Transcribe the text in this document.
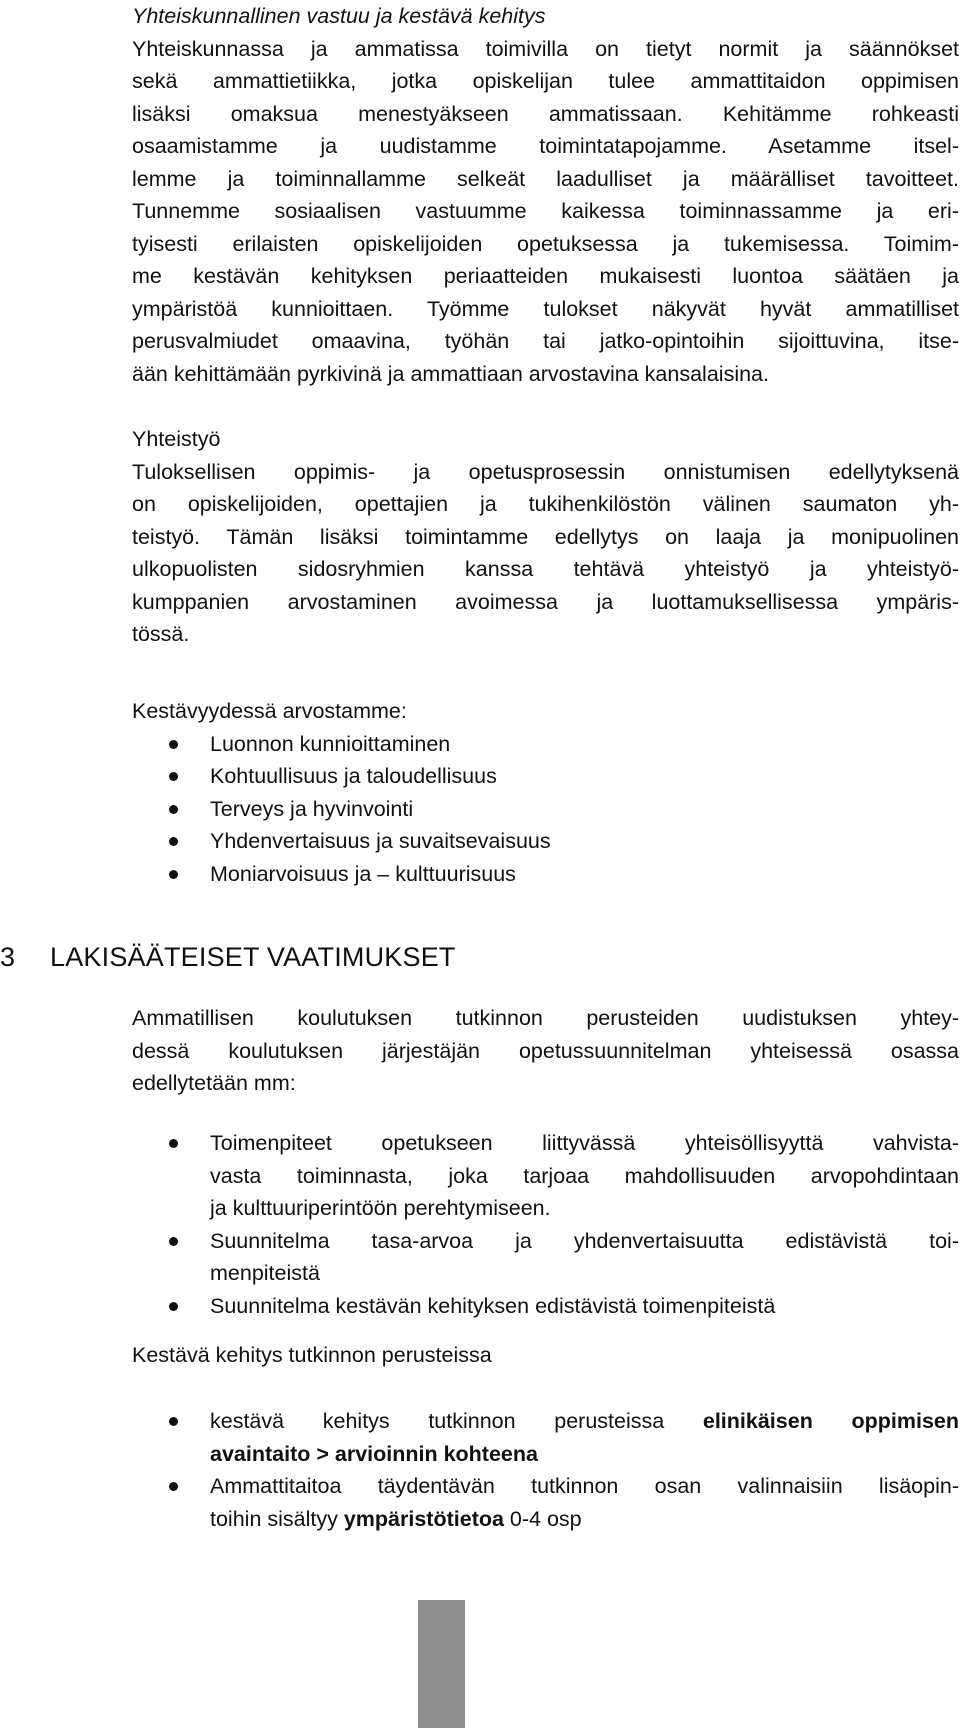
Yhteiskunnallinen vastuu ja kestävä kehitys

Yhteiskunnassa ja ammatissa toimivilla on tietyt normit ja säännökset
sekä ammattietiikka, jotka opiskelijan tulee ammattitaidon oppimisen
lisäksi omaksua menestyäkseen ammatissaan. Kehitämme rohkeasti
osaamistamme ja uudistamme toimintatapojamme. Asetamme itsel-
lemme ja toiminnallamme selkeät laadulliset ja määrälliset tavoitteet.
Tunnemme sosiaalisen vastuumme kaikessa toiminnassamme ja eri-
tyisesti erilaisten opiskelijoiden opetuksessa ja tukemisessa. Toimim-
me kestävän kehityksen periaatteiden mukaisesti luontoa säätäen ja
ympäristöä kunnioittaen. Työmme tulokset näkyvät hyvät ammatilliset
perusvalmiudet omaavina, työhän tai jatko-opintoihin sijoittuvina, itse-
ään kehittämään pyrkivinä ja ammattiaan arvostavina kansalaisina.

Yhteistyö

Tuloksellisen oppimis- ja opetusprosessin onnistumisen edellytyksenä
on opiskelijoiden, opettajien ja tukihenkilöstön välinen saumaton yh-
teistyö. Tämän lisäksi toimintamme edellytys on laaja ja monipuolinen
ulkopuolisten sidosryhmien kanssa tehtävä yhteistyö ja yhteistyö-
kumppanien arvostaminen avoimessa ja luottamuksellisessa ympäris-
tössä.

Kestävyydessä arvostamme:

Luonnon kunnioittaminen
Kohtuullisuus ja taloudellisuus
Terveys ja hyvinvointi
Yhdenvertaisuus ja suvaitsevaisuus
Moniarvoisuus ja – kulttuurisuus
3 LAKISÄÄTEISET VAATIMUKSET
Ammatillisen koulutuksen tutkinnon perusteiden uudistuksen yhtey-
dessä koulutuksen järjestäjän opetussuunnitelman yhteisessä osassa
edellytetään mm:
Toimenpiteet opetukseen liittyvässä yhteisöllisyyttä vahvista-
vasta toiminnasta, joka tarjoaa mahdollisuuden arvopohdintaan
ja kulttuuriperintöön perehtymiseen.
Suunnitelma tasa-arvoa ja yhdenvertaisuutta edistävistä toi-
menpiteistä
Suunnitelma kestävän kehityksen edistävistä toimenpiteistä

Kestävä kehitys tutkinnon perusteissa

kestävä kehitys tutkinnon perusteissa elinikäisen oppimisen
avaintaito > arvioinnin kohteena
Ammattitaitoa täydentävän tutkinnon osan valinnaisiin lisäopin-
toihin sisältyy ympäristötietoa 0-4 osp
